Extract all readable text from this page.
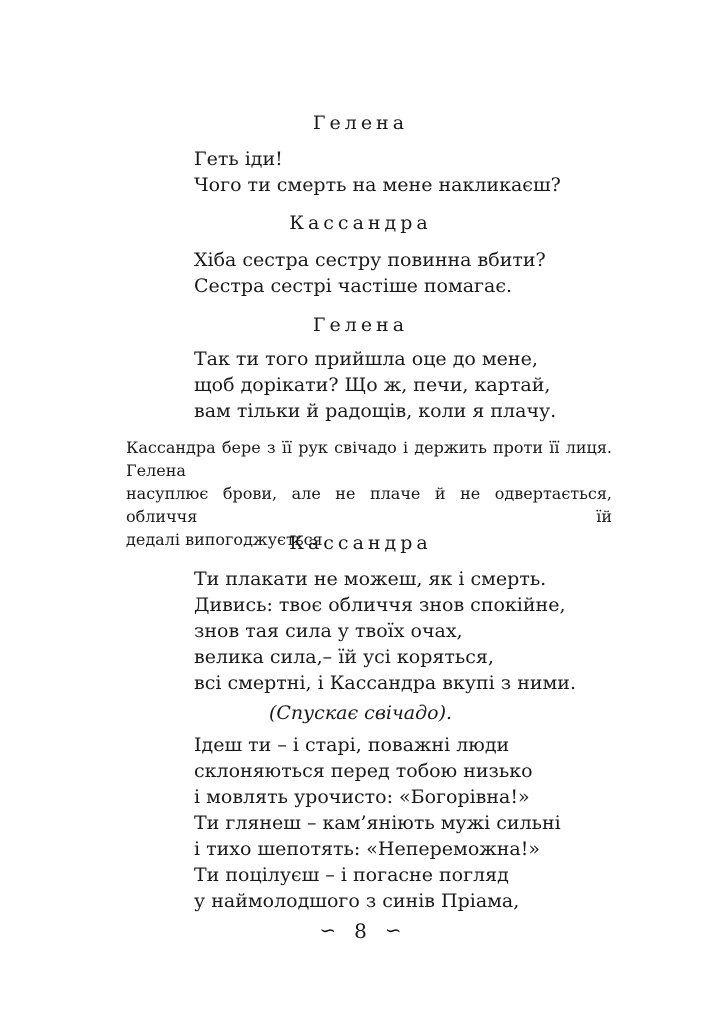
Гелена
Геть іди!
Чого ти смерть на мене накликаєш?
Кассандра
Хіба сестра сестру повинна вбити?
Сестра сестрі частіше помагає.
Гелена
Так ти того прийшла оце до мене,
щоб дорікати? Що ж, печи, картай,
вам тільки й радощів, коли я плачу.
Кассандра бере з її рук свічадо і держить проти її лиця. Гелена
насуплює брови, але не плаче й не одвертається, обличчя їй
дедалі випогоджується.
Кассандра
Ти плакати не можеш, як і смерть.
Дивись: твоє обличчя знов спокійне,
знов тая сила у твоїх очах,
велика сила,– їй усі коряться,
всі смертні, і Кассандра вкупі з ними.
(Спускає свічадо).
Ідеш ти – і старі, поважні люди
склоняються перед тобою низько
і мовлять урочисто: «Богорівна!»
Ти глянеш – кам’яніють мужі сильні
і тихо шепотять: «Непереможна!»
Ти поцілуєш – і погасне погляд
у наймолодшого з синів Пріама,
∽ 8 ∽
